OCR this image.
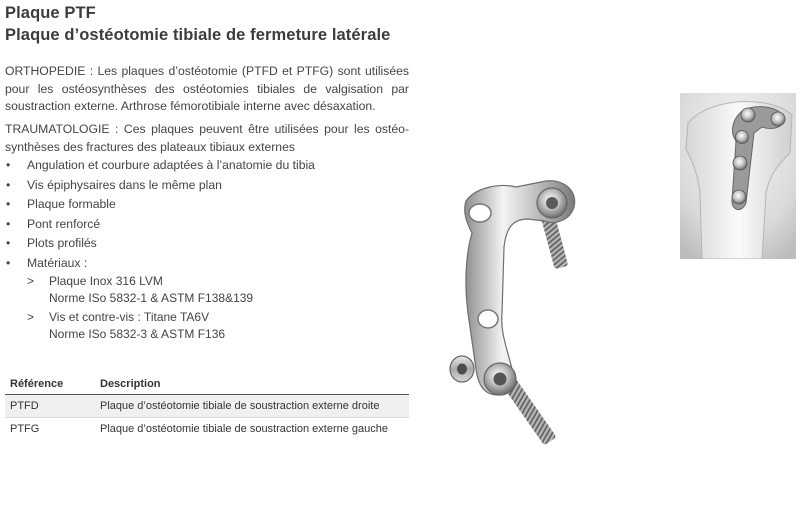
Plaque PTF
Plaque d’ostéotomie tibiale de fermeture latérale
ORTHOPEDIE : Les plaques d’ostéotomie (PTFD et PTFG) sont utilisées pour les ostéosynthèses des ostéotomies tibiales de valgisation par soustraction externe. Arthrose fémorotibiale interne avec désaxation.
TRAUMATOLOGIE : Ces plaques peuvent être utilisées pour les ostéo-synthèses des fractures des plateaux tibiaux externes
• Angulation et courbure adaptées à l’anatomie du tibia
• Vis épiphysaires dans le même plan
• Plaque formable
• Pont renforcé
• Plots profilés
• Matériaux :
> Plaque Inox 316 LVM
Norme ISo 5832-1 & ASTM F138&139
> Vis et contre-vis : Titane TA6V
Norme ISo 5832-3 & ASTM F136
Référence	Description
PTFD	Plaque d’ostéotomie tibiale de soustraction externe droite
PTFG	Plaque d’ostéotomie tibiale de soustraction externe gauche
